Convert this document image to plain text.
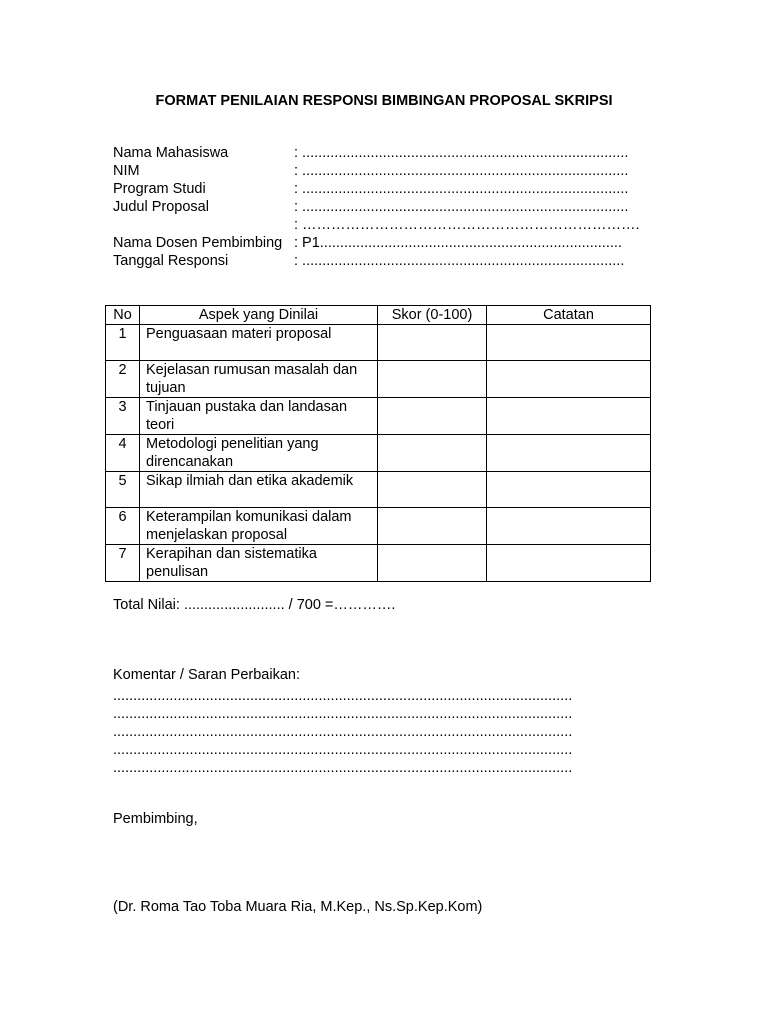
FORMAT PENILAIAN RESPONSI BIMBINGAN PROPOSAL SKRIPSI
Nama Mahasiswa	: .................................................................................
NIM	: .................................................................................
Program Studi	: .................................................................................
Judul Proposal	: .................................................................................
: …………………………………………………………….
Nama Dosen Pembimbing : P1...........................................................................
Tanggal Responsi	: ................................................................................
No	Aspek yang Dinilai	Skor (0-100)	Catatan
1	Penguasaan materi proposal		
2	Kejelasan rumusan masalah dan tujuan		
3	Tinjauan pustaka dan landasan teori		
4	Metodologi penelitian yang direncanakan		
5	Sikap ilmiah dan etika akademik		
6	Keterampilan komunikasi dalam menjelaskan proposal		
7	Kerapihan dan sistematika penulisan		
Total Nilai: ......................... / 700 =………….
Komentar / Saran Perbaikan:
..................................................................................................................
..................................................................................................................
..................................................................................................................
..................................................................................................................
..................................................................................................................
Pembimbing,
(Dr. Roma Tao Toba Muara Ria, M.Kep., Ns.Sp.Kep.Kom)
